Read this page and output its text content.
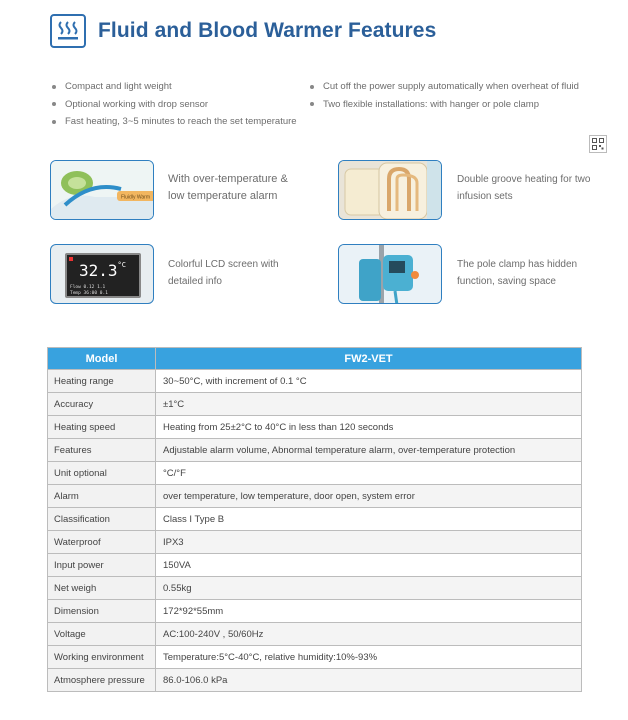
Fluid and Blood Warmer Features
Compact and light weight
Optional working with drop sensor
Fast heating, 3~5 minutes to reach the set temperature
Cut off the power supply automatically when overheat of fluid
Two flexible installations: with hanger or pole clamp
Fluidly Warm
With over-temperature &
low temperature alarm
Double groove heating for two
infusion sets
$32.3^{^\circ C}$
Flow 0.12 1.1
Temp 36:00 0.1
Colorful LCD screen with
detailed info
The pole clamp has hidden
function, saving space
Model	FW2-VET
Heating range	30~50°C, with increment of 0.1 °C
Accuracy	±1°C
Heating speed	Heating from 25±2°C to 40°C in less than 120 seconds
Features	Adjustable alarm volume, Abnormal temperature alarm, over-temperature protection
Unit optional	°C/°F
Alarm	over temperature, low temperature, door open, system error
Classification	Class I Type B
Waterproof	IPX3
Input power	150VA
Net weigh	0.55kg
Dimension	172*92*55mm
Voltage	AC:100-240V , 50/60Hz
Working environment	Temperature:5°C-40°C, relative humidity:10%-93%
Atmosphere pressure	86.0-106.0 kPa
